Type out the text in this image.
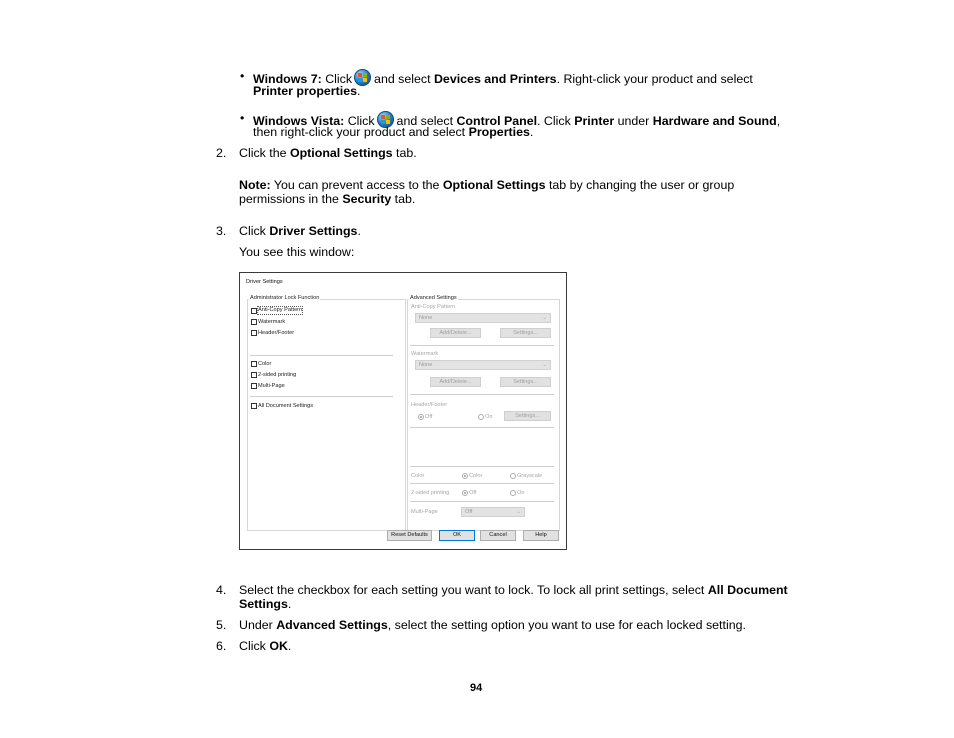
• Windows 7: Click and select Devices and Printers. Right-click your product and select
Printer properties.
• Windows Vista: Click and select Control Panel. Click Printer under Hardware and Sound,
then right-click your product and select Properties.
2. Click the Optional Settings tab.
Note: You can prevent access to the Optional Settings tab by changing the user or group
permissions in the Security tab.
3. Click Driver Settings.
You see this window:
Driver Settings
Administrator Lock Function
Anti-Copy Pattern
Watermark
Header/Footer
Color
2-sided printing
Multi-Page
All Document Settings
Advanced Settings
Anti-Copy Pattern
None	⌄
Add/Delete...	Settings...
Watermark
None	⌄
Add/Delete...	Settings...
Header/Footer
Off	On	Settings...
Color	Color	Grayscale
2-sided printing	Off	On
Multi-Page	Off	⌄
Reset Defaults	OK	Cancel	Help
4. Select the checkbox for each setting you want to lock. To lock all print settings, select All Document
Settings.
5. Under Advanced Settings, select the setting option you want to use for each locked setting.
6. Click OK.
94
